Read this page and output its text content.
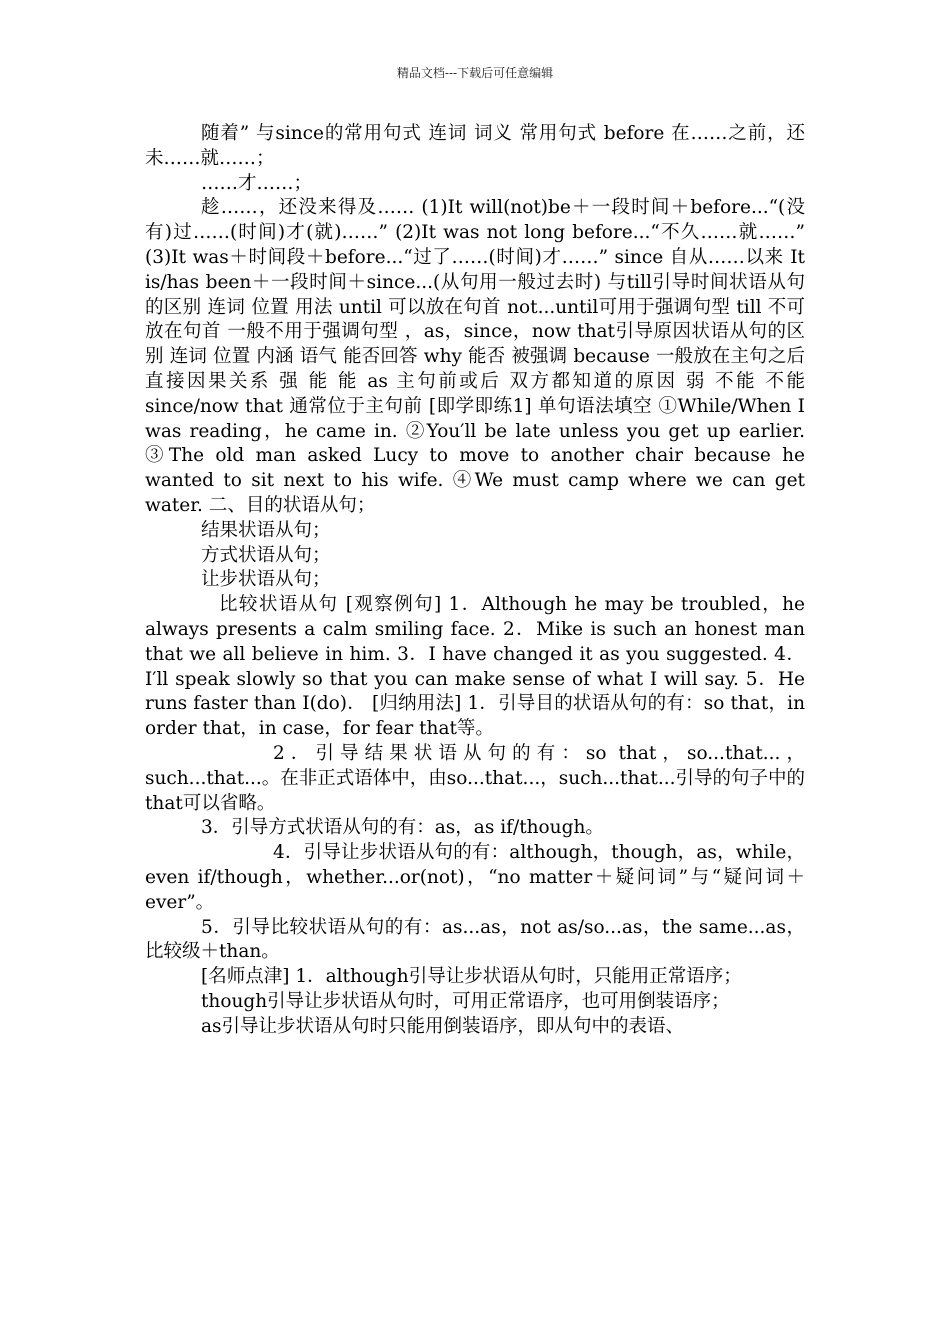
精品文档---下载后可任意编辑

随着” 与since的常用句式 连词 词义 常用句式 before 在……之前，还未……就……；

……才……；

趁……，还没来得及…… (1)It will(not)be＋一段时间＋before...“(没有)过……(时间)才(就)……” (2)It was not long before...“不久……就……” (3)It was＋时间段＋before...“过了……(时间)才……” since 自从……以来 It is/has been＋一段时间＋since...(从句用一般过去时) 与till引导时间状语从句的区别 连词 位置 用法 until 可以放在句首 not...until可用于强调句型 till 不可放在句首 一般不用于强调句型 ，as，since，now that引导原因状语从句的区别 连词 位置 内涵 语气 能否回答 why 能否 被强调 because 一般放在主句之后 直接因果关系 强 能 能 as 主句前或后 双方都知道的原因 弱 不能 不能 since/now that 通常位于主句前 [即学即练1] 单句语法填空 ①While/When I was reading，he came in. ②You′ll be late unless you get up earlier. ③The old man asked Lucy to move to another chair because he wanted to sit next to his wife. ④We must camp where we can get water. 二、目的状语从句；

结果状语从句；

方式状语从句；

让步状语从句；

比较状语从句 [观察例句] 1．Although he may be troubled，he always presents a calm smiling face. 2．Mike is such an honest man that we all believe in him. 3．I have changed it as you suggested. 4．I′ll speak slowly so that you can make sense of what I will say. 5．He runs faster than I(do)． [归纳用法] 1．引导目的状语从句的有：so that，in order that，in case，for fear that等。

2．引导结果状语从句的有：so that，so...that...，such...that...。在非正式语体中，由so...that...，such...that...引导的句子中的that可以省略。

3．引导方式状语从句的有：as，as if/though。

4．引导让步状语从句的有：although，though，as，while，even if/though，whether...or(not)，“no matter＋疑问词”与“疑问词＋ever”。

5．引导比较状语从句的有：as...as，not as/so...as，the same...as，比较级＋than。

[名师点津] 1．although引导让步状语从句时，只能用正常语序；

though引导让步状语从句时，可用正常语序，也可用倒装语序；

as引导让步状语从句时只能用倒装语序，即从句中的表语、
